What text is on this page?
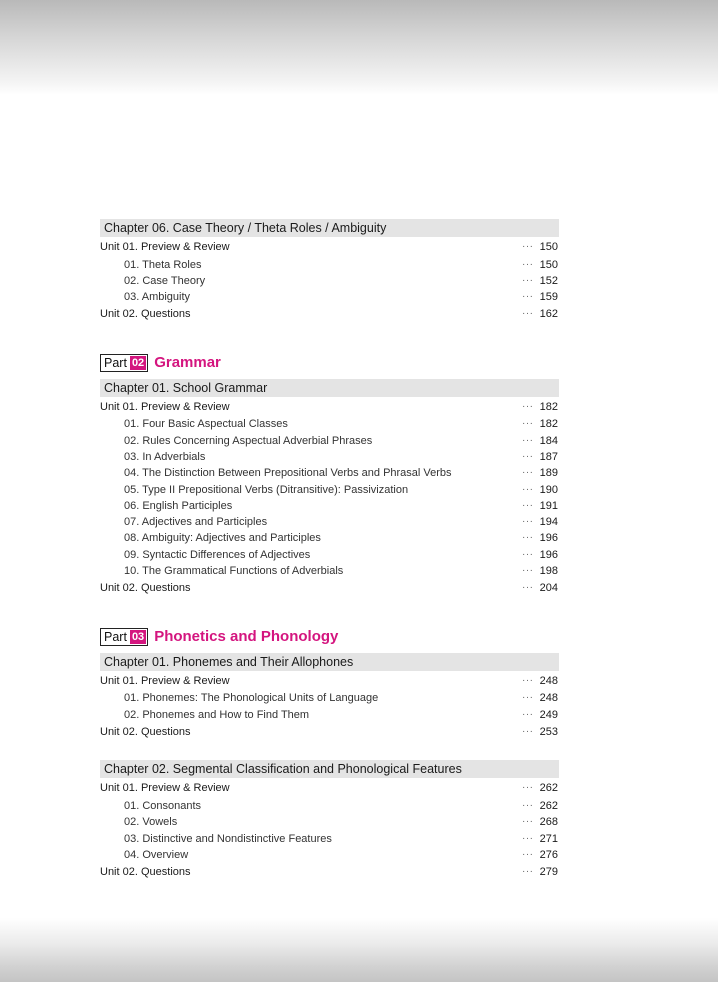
Chapter 06. Case Theory / Theta Roles / Ambiguity
Unit 01. Preview & Review	··· 150
01. Theta Roles	··· 150
02. Case Theory	··· 152
03. Ambiguity	··· 159
Unit 02. Questions	··· 162
Part 02 Grammar
Chapter 01. School Grammar
Unit 01. Preview & Review	··· 182
01. Four Basic Aspectual Classes	··· 182
02. Rules Concerning Aspectual Adverbial Phrases	··· 184
03. In Adverbials	··· 187
04. The Distinction Between Prepositional Verbs and Phrasal Verbs	··· 189
05. Type II Prepositional Verbs (Ditransitive): Passivization	··· 190
06. English Participles	··· 191
07. Adjectives and Participles	··· 194
08. Ambiguity: Adjectives and Participles	··· 196
09. Syntactic Differences of Adjectives	··· 196
10. The Grammatical Functions of Adverbials	··· 198
Unit 02. Questions	··· 204
Part 03 Phonetics and Phonology
Chapter 01. Phonemes and Their Allophones
Unit 01. Preview & Review	··· 248
01. Phonemes: The Phonological Units of Language	··· 248
02. Phonemes and How to Find Them	··· 249
Unit 02. Questions	··· 253
Chapter 02. Segmental Classification and Phonological Features
Unit 01. Preview & Review	··· 262
01. Consonants	··· 262
02. Vowels	··· 268
03. Distinctive and Nondistinctive Features	··· 271
04. Overview	··· 276
Unit 02. Questions	··· 279
